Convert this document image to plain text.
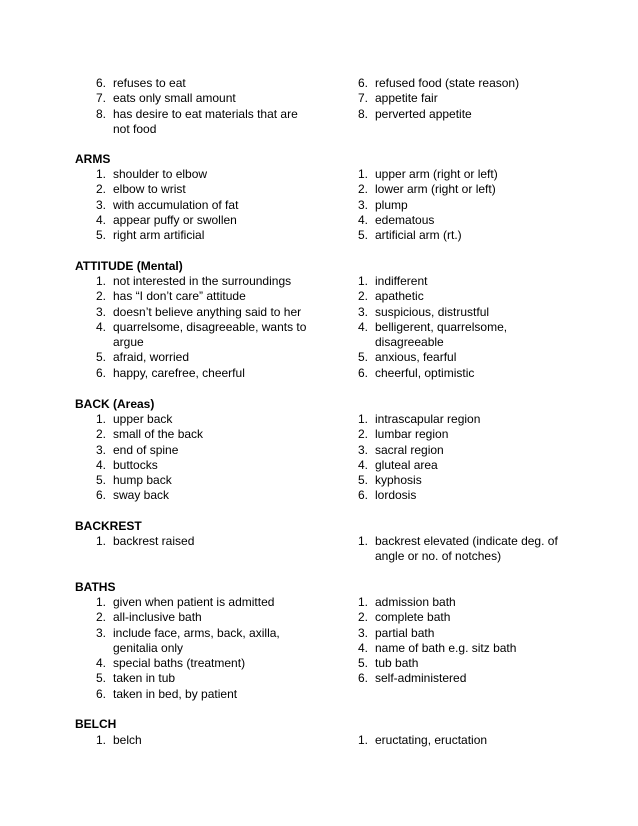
6. refuses to eat
7. eats only small amount
8. has desire to eat materials that are not food
6. refused food (state reason)
7. appetite fair
8. perverted appetite
ARMS
1. shoulder to elbow
2. elbow to wrist
3. with accumulation of fat
4. appear puffy or swollen
5. right arm artificial
1. upper arm (right or left)
2. lower arm (right or left)
3. plump
4. edematous
5. artificial arm (rt.)
ATTITUDE (Mental)
1. not interested in the surroundings
2. has “I don’t care” attitude
3. doesn’t believe anything said to her
4. quarrelsome, disagreeable, wants to argue
5. afraid, worried
6. happy, carefree, cheerful
1. indifferent
2. apathetic
3. suspicious, distrustful
4. belligerent, quarrelsome, disagreeable
5. anxious, fearful
6. cheerful, optimistic
BACK (Areas)
1. upper back
2. small of the back
3. end of spine
4. buttocks
5. hump back
6. sway back
1. intrascapular region
2. lumbar region
3. sacral region
4. gluteal area
5. kyphosis
6. lordosis
BACKREST
1. backrest raised	1. backrest elevated (indicate deg. of angle or no. of notches)
BATHS
1. given when patient is admitted
2. all-inclusive bath
3. include face, arms, back, axilla, genitalia only
4. special baths (treatment)
5. taken in tub
6. taken in bed, by patient
1. admission bath
2. complete bath
3. partial bath
4. name of bath e.g. sitz bath
5. tub bath
6. self-administered
BELCH
1. belch	1. eructating, eructation
